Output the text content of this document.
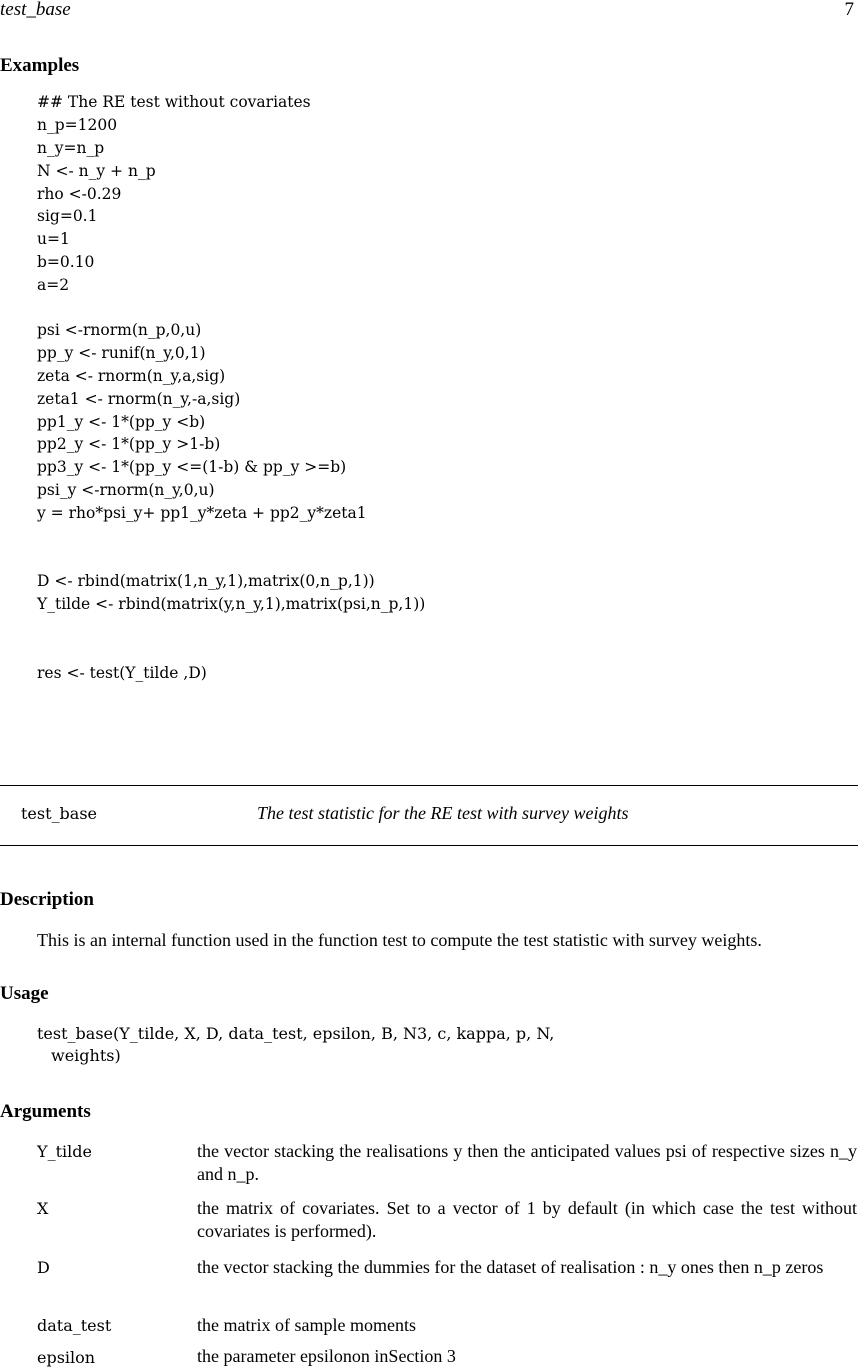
test_base	7
Examples
## The RE test without covariates
n_p=1200
n_y=n_p
N <- n_y + n_p
rho <-0.29
sig=0.1
u=1
b=0.10
a=2
psi <-rnorm(n_p,0,u)
pp_y <- runif(n_y,0,1)
zeta <- rnorm(n_y,a,sig)
zeta1 <- rnorm(n_y,-a,sig)
pp1_y <- 1*(pp_y <b)
pp2_y <- 1*(pp_y >1-b)
pp3_y <- 1*(pp_y <=(1-b) & pp_y >=b)
psi_y <-rnorm(n_y,0,u)
y = rho*psi_y+ pp1_y*zeta + pp2_y*zeta1
D <- rbind(matrix(1,n_y,1),matrix(0,n_p,1))
Y_tilde <- rbind(matrix(y,n_y,1),matrix(psi,n_p,1))
res <- test(Y_tilde ,D)
test_base	The test statistic for the RE test with survey weights
Description
This is an internal function used in the function test to compute the test statistic with survey weights.
Usage
test_base(Y_tilde, X, D, data_test, epsilon, B, N3, c, kappa, p, N,
weights)
Arguments
Y_tilde	the vector stacking the realisations y then the anticipated values psi of respective sizes n_y and n_p.
X	the matrix of covariates. Set to a vector of 1 by default (in which case the test without covariates is performed).
D	the vector stacking the dummies for the dataset of realisation : n_y ones then n_p zeros
data_test	the matrix of sample moments
epsilon	the parameter epsilonon inSection 3
